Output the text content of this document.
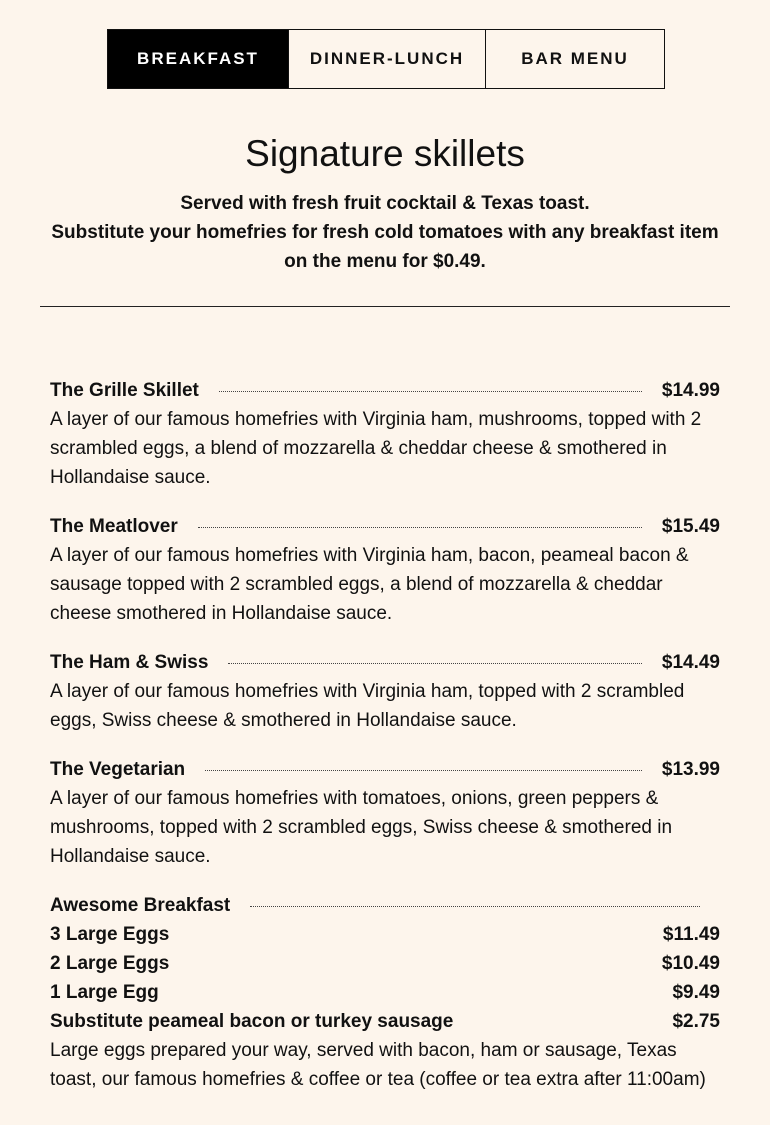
BREAKFAST	DINNER-LUNCH	BAR MENU
Signature skillets
Served with fresh fruit cocktail & Texas toast.
Substitute your homefries for fresh cold tomatoes with any breakfast item on the menu for $0.49.
The Grille Skillet	$14.99
A layer of our famous homefries with Virginia ham, mushrooms, topped with 2 scrambled eggs, a blend of mozzarella & cheddar cheese & smothered in Hollandaise sauce.
The Meatlover	$15.49
A layer of our famous homefries with Virginia ham, bacon, peameal bacon & sausage topped with 2 scrambled eggs, a blend of mozzarella & cheddar cheese smothered in Hollandaise sauce.
The Ham & Swiss	$14.49
A layer of our famous homefries with Virginia ham, topped with 2 scrambled eggs, Swiss cheese & smothered in Hollandaise sauce.
The Vegetarian	$13.99
A layer of our famous homefries with tomatoes, onions, green peppers & mushrooms, topped with 2 scrambled eggs, Swiss cheese & smothered in Hollandaise sauce.
Awesome Breakfast
3 Large Eggs	$11.49
2 Large Eggs	$10.49
1 Large Egg	$9.49
Substitute peameal bacon or turkey sausage	$2.75
Large eggs prepared your way, served with bacon, ham or sausage, Texas toast, our famous homefries & coffee or tea (coffee or tea extra after 11:00am)
